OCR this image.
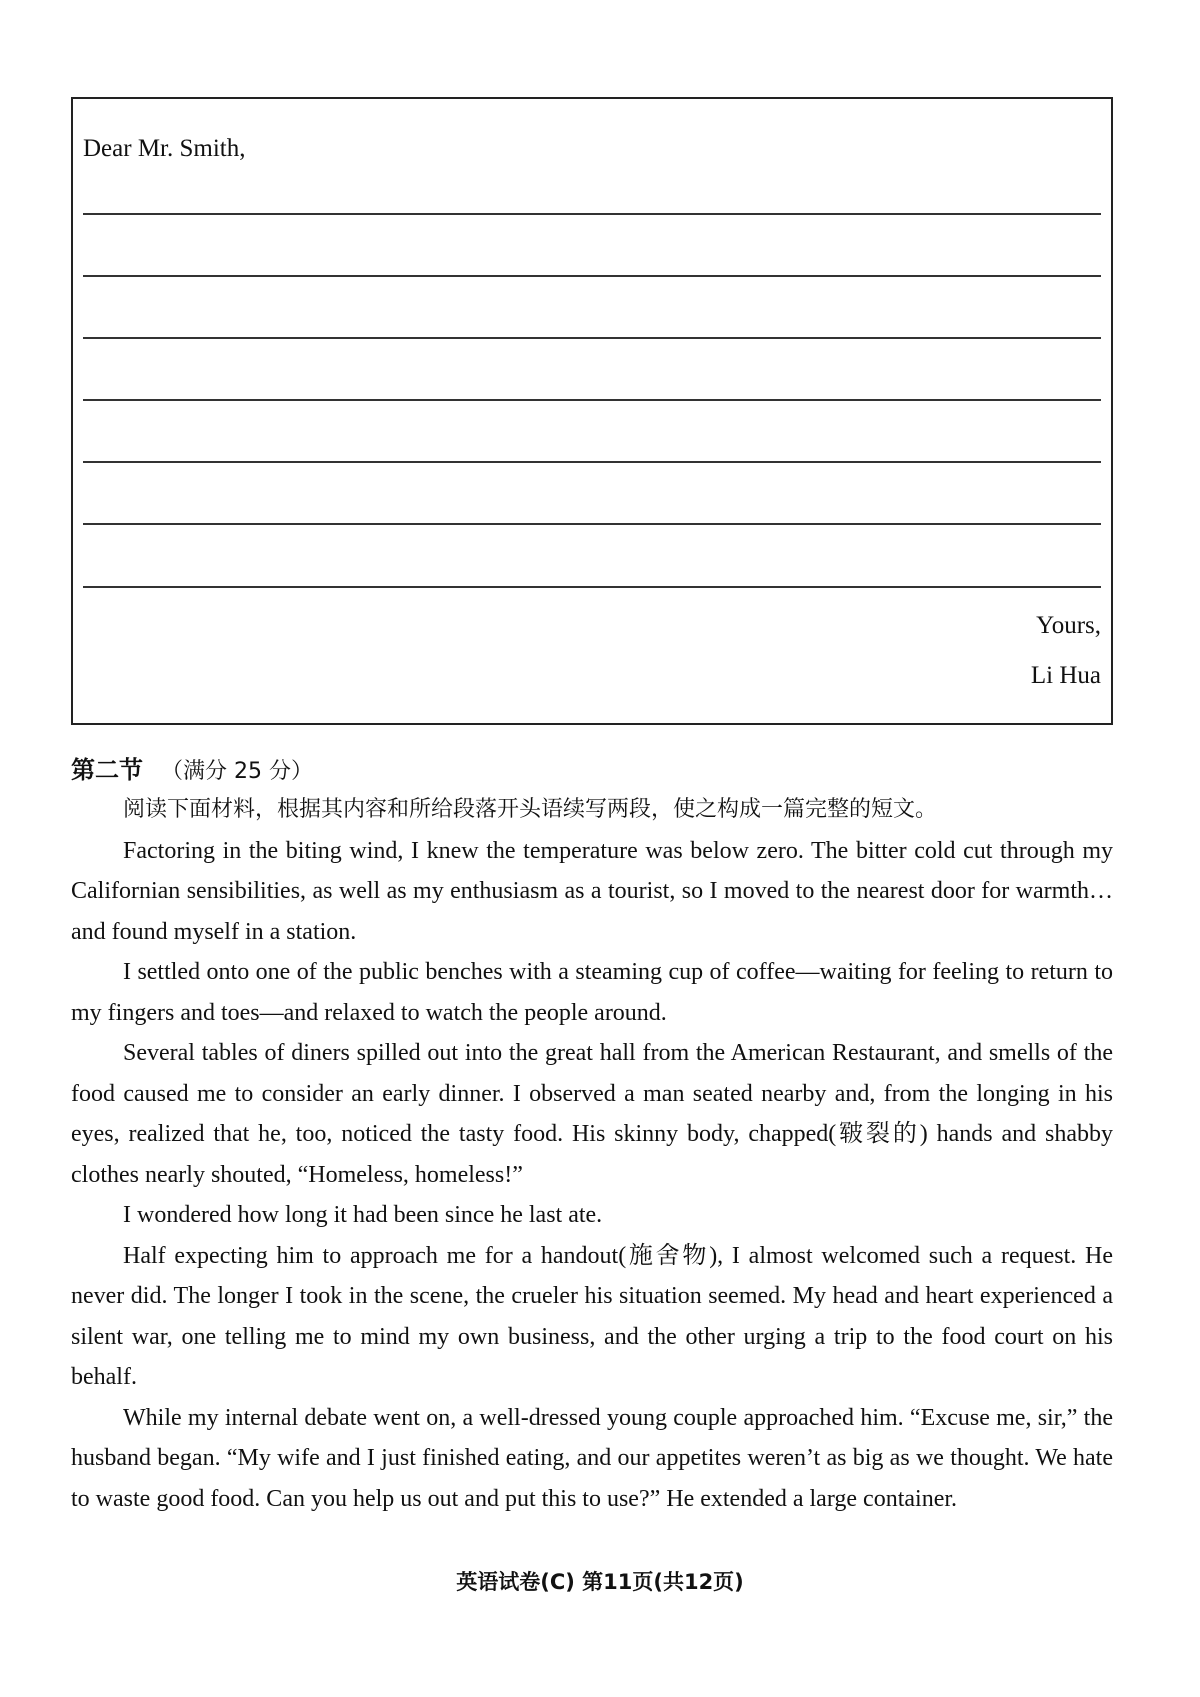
Dear Mr. Smith,
Yours,
Li Hua
第二节 （满分 25 分）

阅读下面材料，根据其内容和所给段落开头语续写两段，使之构成一篇完整的短文。

Factoring in the biting wind, I knew the temperature was below zero. The bitter cold cut through my Californian sensibilities, as well as my enthusiasm as a tourist, so I moved to the nearest door for warmth…and found myself in a station.

I settled onto one of the public benches with a steaming cup of coffee—waiting for feeling to return to my fingers and toes—and relaxed to watch the people around.

Several tables of diners spilled out into the great hall from the American Restaurant, and smells of the food caused me to consider an early dinner. I observed a man seated nearby and, from the longing in his eyes, realized that he, too, noticed the tasty food. His skinny body, chapped(皲裂的) hands and shabby clothes nearly shouted, “Homeless, homeless!”

I wondered how long it had been since he last ate.

Half expecting him to approach me for a handout(施舍物), I almost welcomed such a request. He never did. The longer I took in the scene, the crueler his situation seemed. My head and heart experienced a silent war, one telling me to mind my own business, and the other urging a trip to the food court on his behalf.

While my internal debate went on, a well-dressed young couple approached him. “Excuse me, sir,” the husband began. “My wife and I just finished eating, and our appetites weren’t as big as we thought. We hate to waste good food. Can you help us out and put this to use?” He extended a large container.

英语试卷(C) 第11页(共12页)
